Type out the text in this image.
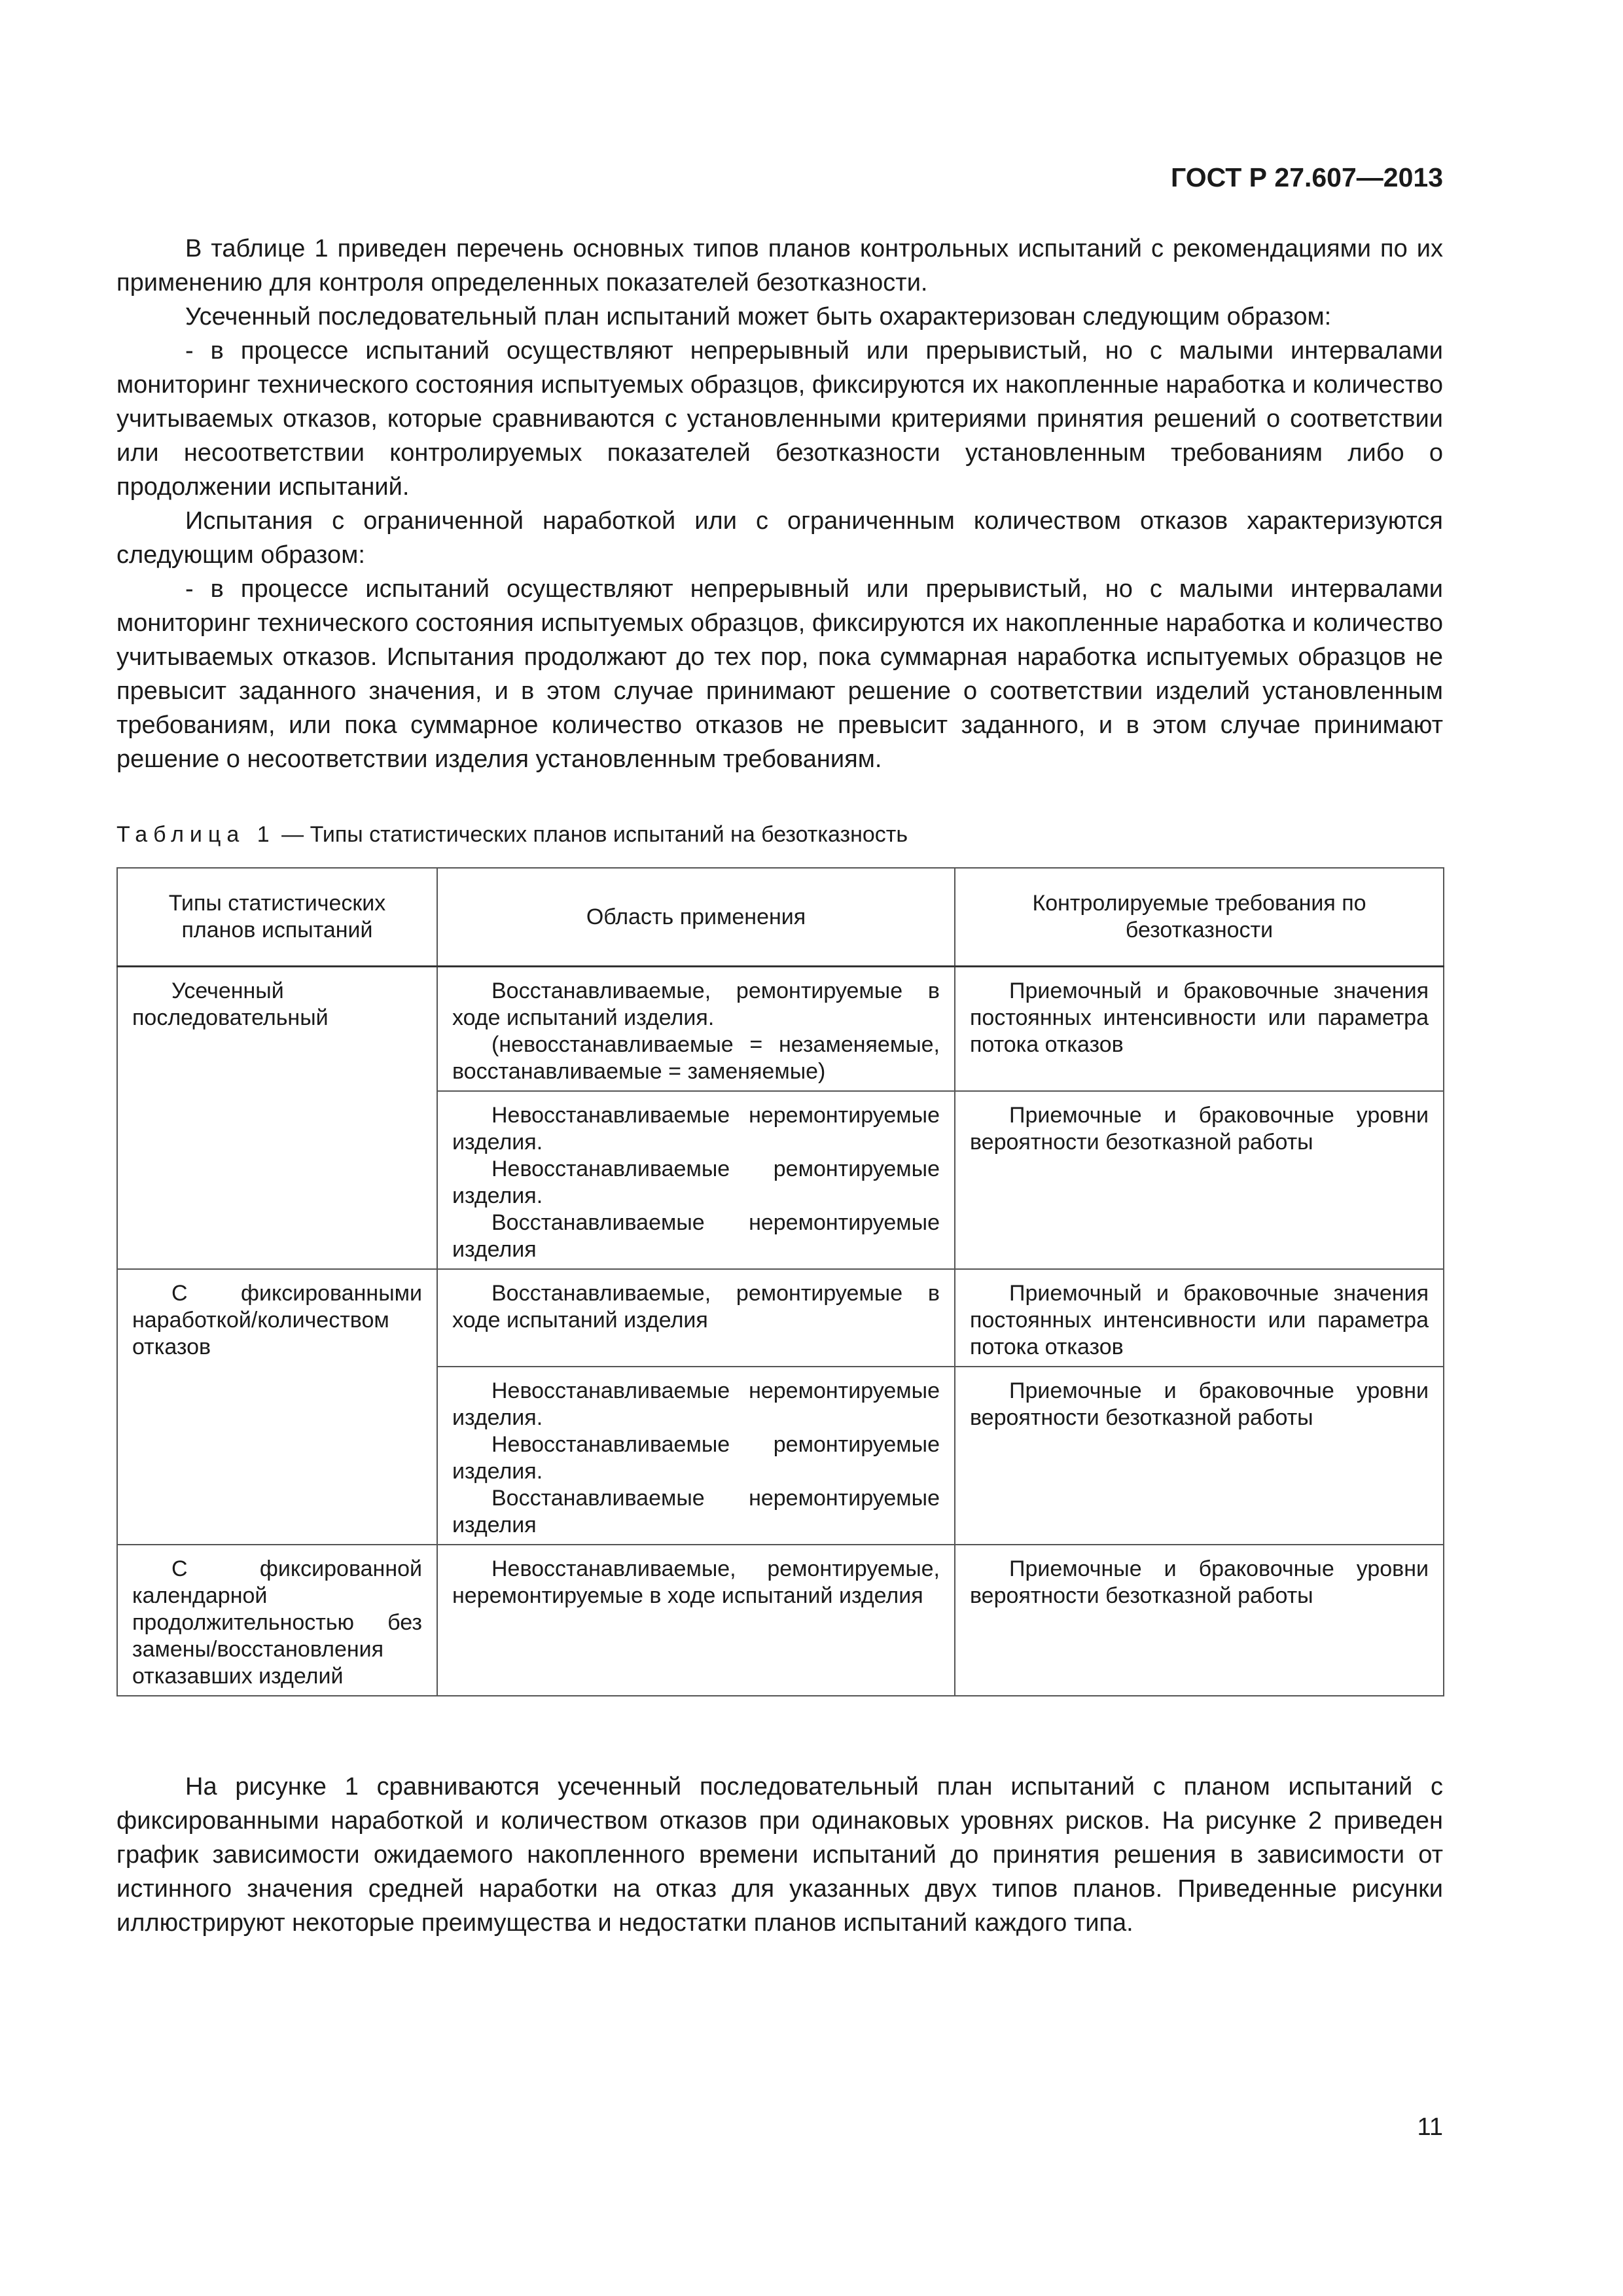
ГОСТ Р 27.607—2013

В таблице 1 приведен перечень основных типов планов контрольных испытаний с рекомендациями по их применению для контроля определенных показателей безотказности.

Усеченный последовательный план испытаний может быть охарактеризован следующим образом:

- в процессе испытаний осуществляют непрерывный или прерывистый, но с малыми интервалами мониторинг технического состояния испытуемых образцов, фиксируются их накопленные наработка и количество учитываемых отказов, которые сравниваются с установленными критериями принятия решений о соответствии или несоответствии контролируемых показателей безотказности установленным требованиям либо о продолжении испытаний.

Испытания с ограниченной наработкой или с ограниченным количеством отказов характеризуются следующим образом:

- в процессе испытаний осуществляют непрерывный или прерывистый, но с малыми интервалами мониторинг технического состояния испытуемых образцов, фиксируются их накопленные наработка и количество учитываемых отказов. Испытания продолжают до тех пор, пока суммарная наработка испытуемых образцов не превысит заданного значения, и в этом случае принимают решение о соответствии изделий установленным требованиям, или пока суммарное количество отказов не превысит заданного, и в этом случае принимают решение о несоответствии изделия установленным требованиям.

Таблица 1 — Типы статистических планов испытаний на безотказность
Типы статистических планов испытаний	Область применения	Контролируемые требования по безотказности

Усеченный последовательный	Восстанавливаемые, ремонтируемые в ходе испытаний изделия.
(невосстанавливаемые = незаменяемые, восстанавливаемые = заменяемые)	Приемочный и браковочные значения постоянных интенсивности или параметра потока отказов

	Невосстанавливаемые неремонтируемые изделия.
Невосстанавливаемые ремонтируемые изделия.
Восстанавливаемые неремонтируемые изделия	Приемочные и браковочные уровни вероятности безотказной работы

С фиксированными наработкой/количеством отказов	Восстанавливаемые, ремонтируемые в ходе испытаний изделия	Приемочный и браковочные значения постоянных интенсивности или параметра потока отказов

	Невосстанавливаемые неремонтируемые изделия.
Невосстанавливаемые ремонтируемые изделия.
Восстанавливаемые неремонтируемые изделия	Приемочные и браковочные уровни вероятности безотказной работы

С фиксированной календарной продолжительностью без замены/восстановления отказавших изделий	Невосстанавливаемые, ремонтируемые, неремонтируемые в ходе испытаний изделия	Приемочные и браковочные уровни вероятности безотказной работы

На рисунке 1 сравниваются усеченный последовательный план испытаний с планом испытаний с фиксированными наработкой и количеством отказов при одинаковых уровнях рисков. На рисунке 2 приведен график зависимости ожидаемого накопленного времени испытаний до принятия решения в зависимости от истинного значения средней наработки на отказ для указанных двух типов планов. Приведенные рисунки иллюстрируют некоторые преимущества и недостатки планов испытаний каждого типа.

11
